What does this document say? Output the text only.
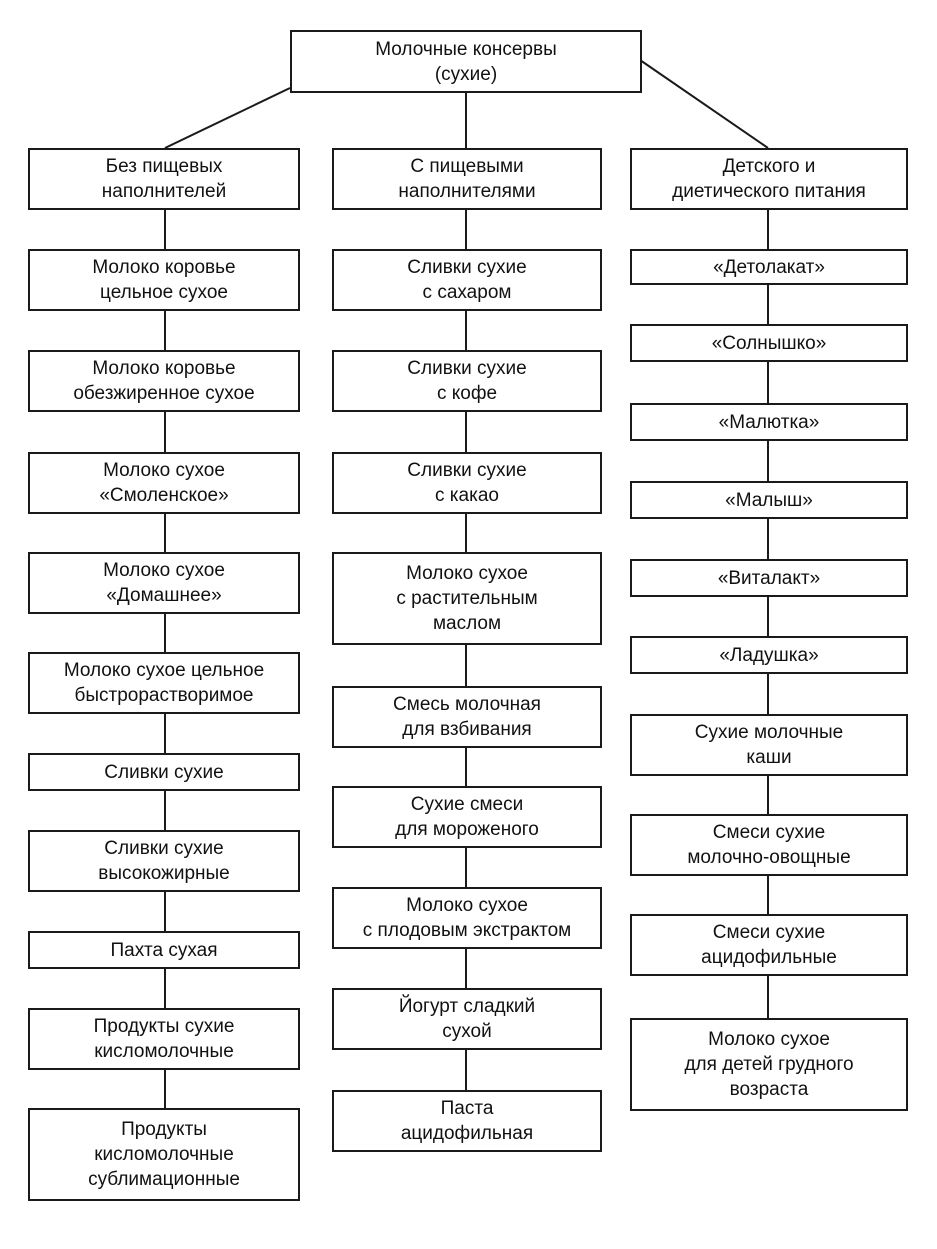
Молочные консервы
(сухие)
Без пищевых
наполнителей
С пищевыми
наполнителями
Детского и
диетического питания
Молоко коровье
цельное сухое
Молоко коровье
обезжиренное сухое
Молоко сухое
«Смоленское»
Молоко сухое
«Домашнее»
Молоко сухое цельное
быстрорастворимое
Сливки сухие
Сливки сухие
высокожирные
Пахта сухая
Продукты сухие
кисломолочные
Продукты
кисломолочные
сублимационные
Сливки сухие
с сахаром
Сливки сухие
с кофе
Сливки сухие
с какао
Молоко сухое
с растительным
маслом
Смесь молочная
для взбивания
Сухие смеси
для мороженого
Молоко сухое
с плодовым экстрактом
Йогурт сладкий
сухой
Паста
ацидофильная
«Детолакат»
«Солнышко»
«Малютка»
«Малыш»
«Виталакт»
«Ладушка»
Сухие молочные
каши
Смеси сухие
молочно-овощные
Смеси сухие
ацидофильные
Молоко сухое
для детей грудного
возраста
